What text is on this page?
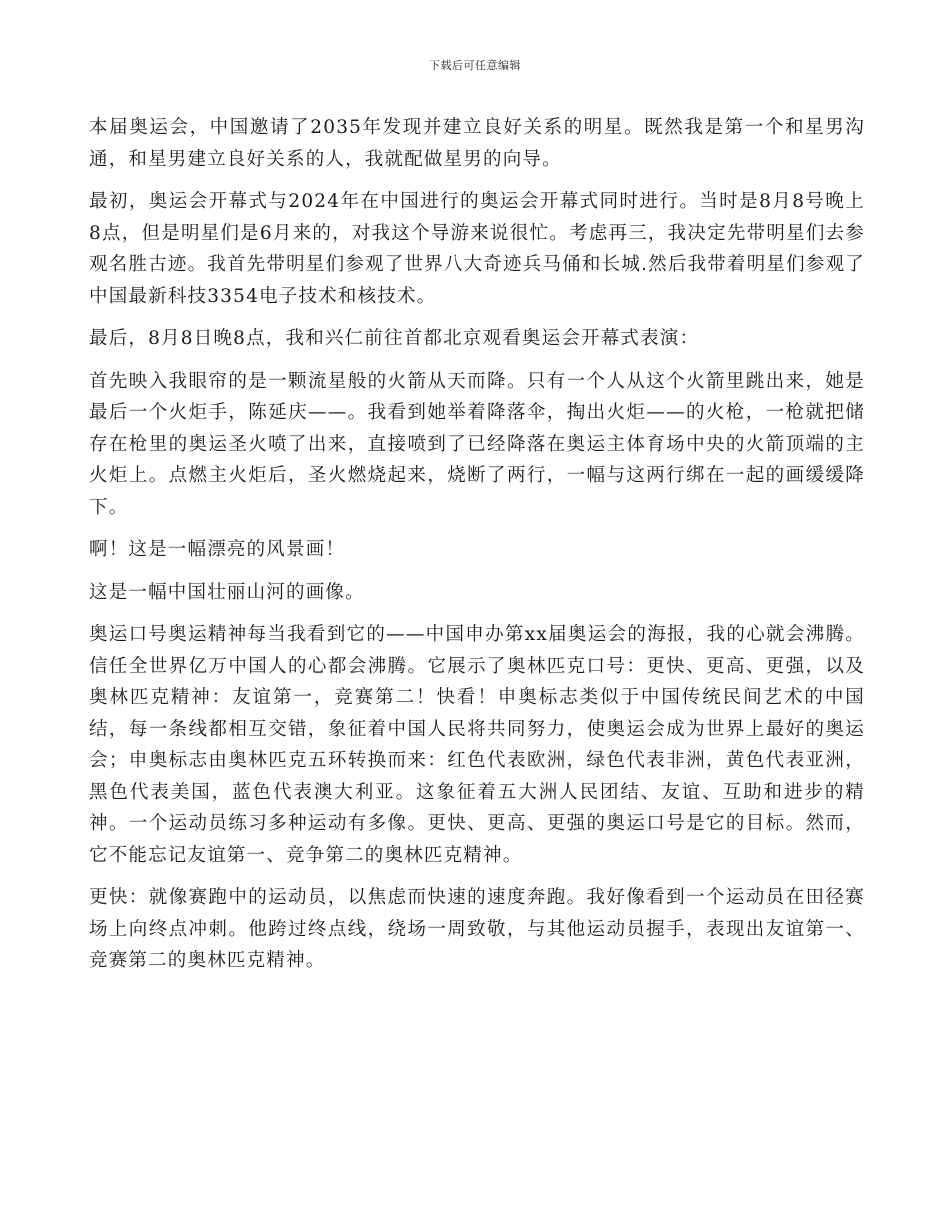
下载后可任意编辑

本届奥运会，中国邀请了2035年发现并建立良好关系的明星。既然我是第一个和星男沟通，和星男建立良好关系的人，我就配做星男的向导。

最初，奥运会开幕式与2024年在中国进行的奥运会开幕式同时进行。当时是8月8号晚上8点，但是明星们是6月来的，对我这个导游来说很忙。考虑再三，我决定先带明星们去参观名胜古迹。我首先带明星们参观了世界八大奇迹兵马俑和长城.然后我带着明星们参观了中国最新科技3354电子技术和核技术。

最后，8月8日晚8点，我和兴仁前往首都北京观看奥运会开幕式表演：

首先映入我眼帘的是一颗流星般的火箭从天而降。只有一个人从这个火箭里跳出来，她是最后一个火炬手，陈延庆——。我看到她举着降落伞，掏出火炬——的火枪，一枪就把储存在枪里的奥运圣火喷了出来，直接喷到了已经降落在奥运主体育场中央的火箭顶端的主火炬上。点燃主火炬后，圣火燃烧起来，烧断了两行，一幅与这两行绑在一起的画缓缓降下。

啊！这是一幅漂亮的风景画！

这是一幅中国壮丽山河的画像。

奥运口号奥运精神每当我看到它的——中国申办第xx届奥运会的海报，我的心就会沸腾。信任全世界亿万中国人的心都会沸腾。它展示了奥林匹克口号：更快、更高、更强，以及奥林匹克精神：友谊第一，竞赛第二！快看！申奥标志类似于中国传统民间艺术的中国结，每一条线都相互交错，象征着中国人民将共同努力，使奥运会成为世界上最好的奥运会；申奥标志由奥林匹克五环转换而来：红色代表欧洲，绿色代表非洲，黄色代表亚洲，黑色代表美国，蓝色代表澳大利亚。这象征着五大洲人民团结、友谊、互助和进步的精神。一个运动员练习多种运动有多像。更快、更高、更强的奥运口号是它的目标。然而，它不能忘记友谊第一、竞争第二的奥林匹克精神。

更快：就像赛跑中的运动员，以焦虑而快速的速度奔跑。我好像看到一个运动员在田径赛场上向终点冲刺。他跨过终点线，绕场一周致敬，与其他运动员握手，表现出友谊第一、竞赛第二的奥林匹克精神。
